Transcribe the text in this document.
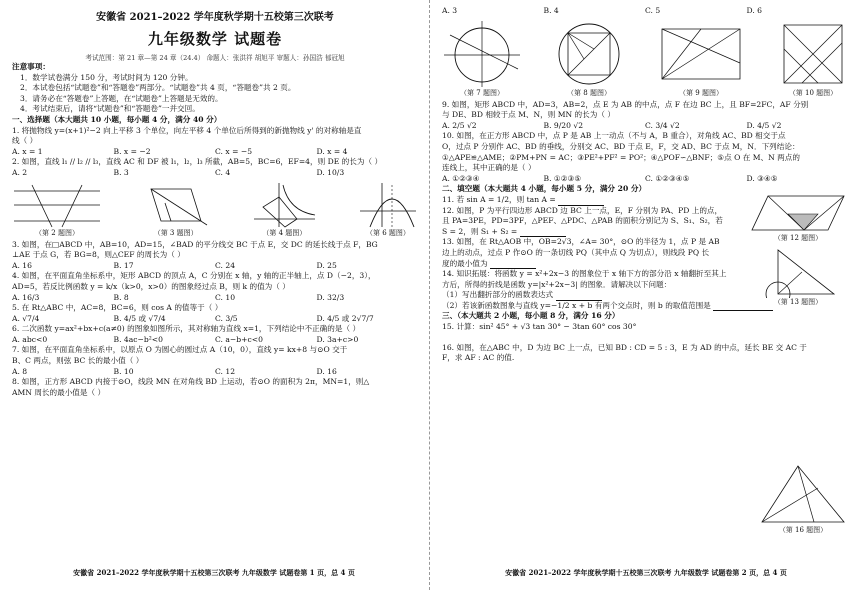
安徽省 2021–2022 学年度秋学期十五校第三次联考
九年级数学 试题卷
考试范围：第 21 章—第 24 章（24.4） 命题人：张洪祥 胡旭平 审题人：孙国浩 郁冠旭
注意事项：
1．数学试卷满分 150 分，考试时间为 120 分钟。
2．本试卷包括“试题卷”和“答题卷”两部分。“试题卷”共 4 页，“答题卷”共 2 页。
3．请务必在“答题卷”上答题，在“试题卷”上答题是无效的。
4．考试结束后，请将“试题卷”和“答题卷”一并交回。
一、选择题（本大题共 10 小题，每小题 4 分，满分 40 分）
1. 将抛物线 y=(x+1)²−2 向上平移 3 个单位，向左平移 4 个单位后所得到的新抛物线 y' 的对称轴是直
线（ ）
A. x = 1	B. x = −2	C. x = −5	D. x = 4
2. 如图，直线 l₁ // l₂ // l₃，直线 AC 和 DF 被 l₁，l₂，l₃ 所截，AB=5，BC=6，EF=4，则 DE 的长为（ ）
A. 2	B. 3	C. 4	D. 10/3
（第 2 题图）	（第 3 题图）	（第 4 题图）	（第 6 题图）
3. 如图，在□ABCD 中，AB=10，AD=15，∠BAD 的平分线交 BC 于点 E，交 DC 的延长线于点 F，BG
⊥AE 于点 G，若 BG=8，则△CEF 的周长为（ ）
A. 16	B. 17	C. 24	D. 25
4. 如图，在平面直角坐标系中，矩形 ABCD 的顶点 A，C 分别在 x 轴，y 轴的正半轴上，点 D（−2，3），
AD=5，若反比例函数 y = k/x（k>0，x>0）的图象经过点 B，则 k 的值为（ ）
A. 16/3	B. 8	C. 10	D. 32/3
5. 在 Rt△ABC 中，AC=8，BC=6，则 cos A 的值等于（ ）
A. √7/4	B. 4/5 或 √7/4	C. 3/5	D. 4/5 或 2√7/7
6. 二次函数 y=ax²+bx+c(a≠0) 的图象如图所示，其对称轴为直线 x=1，下列结论中不正确的是（ ）
A. abc<0	B. 4ac−b²<0	C. a−b+c<0	D. 3a+c>0
7. 如图，在平面直角坐标系中，以原点 O 为圆心的圆过点 A（10，0），直线 y= kx+8 与⊙O 交于
B、C 两点，则弦 BC 长的最小值（ ）
A. 8	B. 10	C. 12	D. 16
8. 如图，正方形 ABCD 内接于⊙O，线段 MN 在对角线 BD 上运动，若⊙O 的面积为 2π，MN=1，则△
AMN 周长的最小值是（ ）
安徽省 2021–2022 学年度秋学期十五校第三次联考 九年级数学 试题卷第 1 页，总 4 页
A. 3	B. 4	C. 5	D. 6
（第 7 题图）	（第 8 题图）	（第 9 题图）	（第 10 题图）
9. 如图，矩形 ABCD 中，AD=3，AB=2，点 E 为 AB 的中点，点 F 在边 BC 上，且 BF=2FC，AF 分别
与 DE、BD 相较于点 M、N，则 MN 的长为（ ）
A. 2/5 √2	B. 9/20 √2	C. 3/4 √2	D. 4/5 √2
10. 如图，在正方形 ABCD 中，点 P 是 AB 上一动点（不与 A，B 重合），对角线 AC、BD 相交于点
O，过点 P 分别作 AC、BD 的垂线，分别交 AC、BD 于点 E，F，交 AD、BC 于点 M，N．下列结论：
①△APE≌△AME；②PM+PN = AC；③PE²+PF² = PO²；④△POF∽△BNF；⑤点 O 在 M、N 两点的
连线上，其中正确的是（ ）
A. ①②③④	B. ①②③⑤	C. ①②③④⑤	D. ③④⑤
二、填空题（本大题共 4 小题，每小题 5 分，满分 20 分）
11. 若 sin A = 1/2，则 tan A =
12. 如图，P 为平行四边形 ABCD 边 BC 上一点，E，F 分别为 PA、PD 上的点，
且 PA=3PE，PD=3PF，△PEF、△PDC、△PAB 的面积分别记为 S、S₁、S₂，若
S = 2，则 S₁ + S₂ =
13. 如图，在 Rt△AOB 中，OB=2√3，∠A= 30°，⊙O 的半径为 1，点 P 是 AB
边上的动点，过点 P 作⊙O 的一条切线 PQ（其中点 Q 为切点），则线段 PQ 长
度的最小值为
14. 知识拓展：将函数 y = x²+2x−3 的图象位于 x 轴下方的部分沿 x 轴翻折至其上
方后，所得的折线是函数 y=|x²+2x−3| 的图象．请解决以下问题：
（1）写出翻折部分的函数表达式
（第 12 题图）
（第 13 题图）
（2）若该新函数图象与直线 y=−1/2 x + b 有两个交点时，则 b 的取值范围是
三、（本大题共 2 小题，每小题 8 分，满分 16 分）
15. 计算：sin² 45° + √3 tan 30° − 3tan 60° cos 30°
16. 如图，在△ABC 中，D 为边 BC 上一点，已知 BD : CD = 5 : 3，E 为 AD 的中点，延长 BE 交 AC 于
F，求 AF : AC 的值.
（第 16 题图）
安徽省 2021–2022 学年度秋学期十五校第三次联考 九年级数学 试题卷第 2 页，总 4 页
